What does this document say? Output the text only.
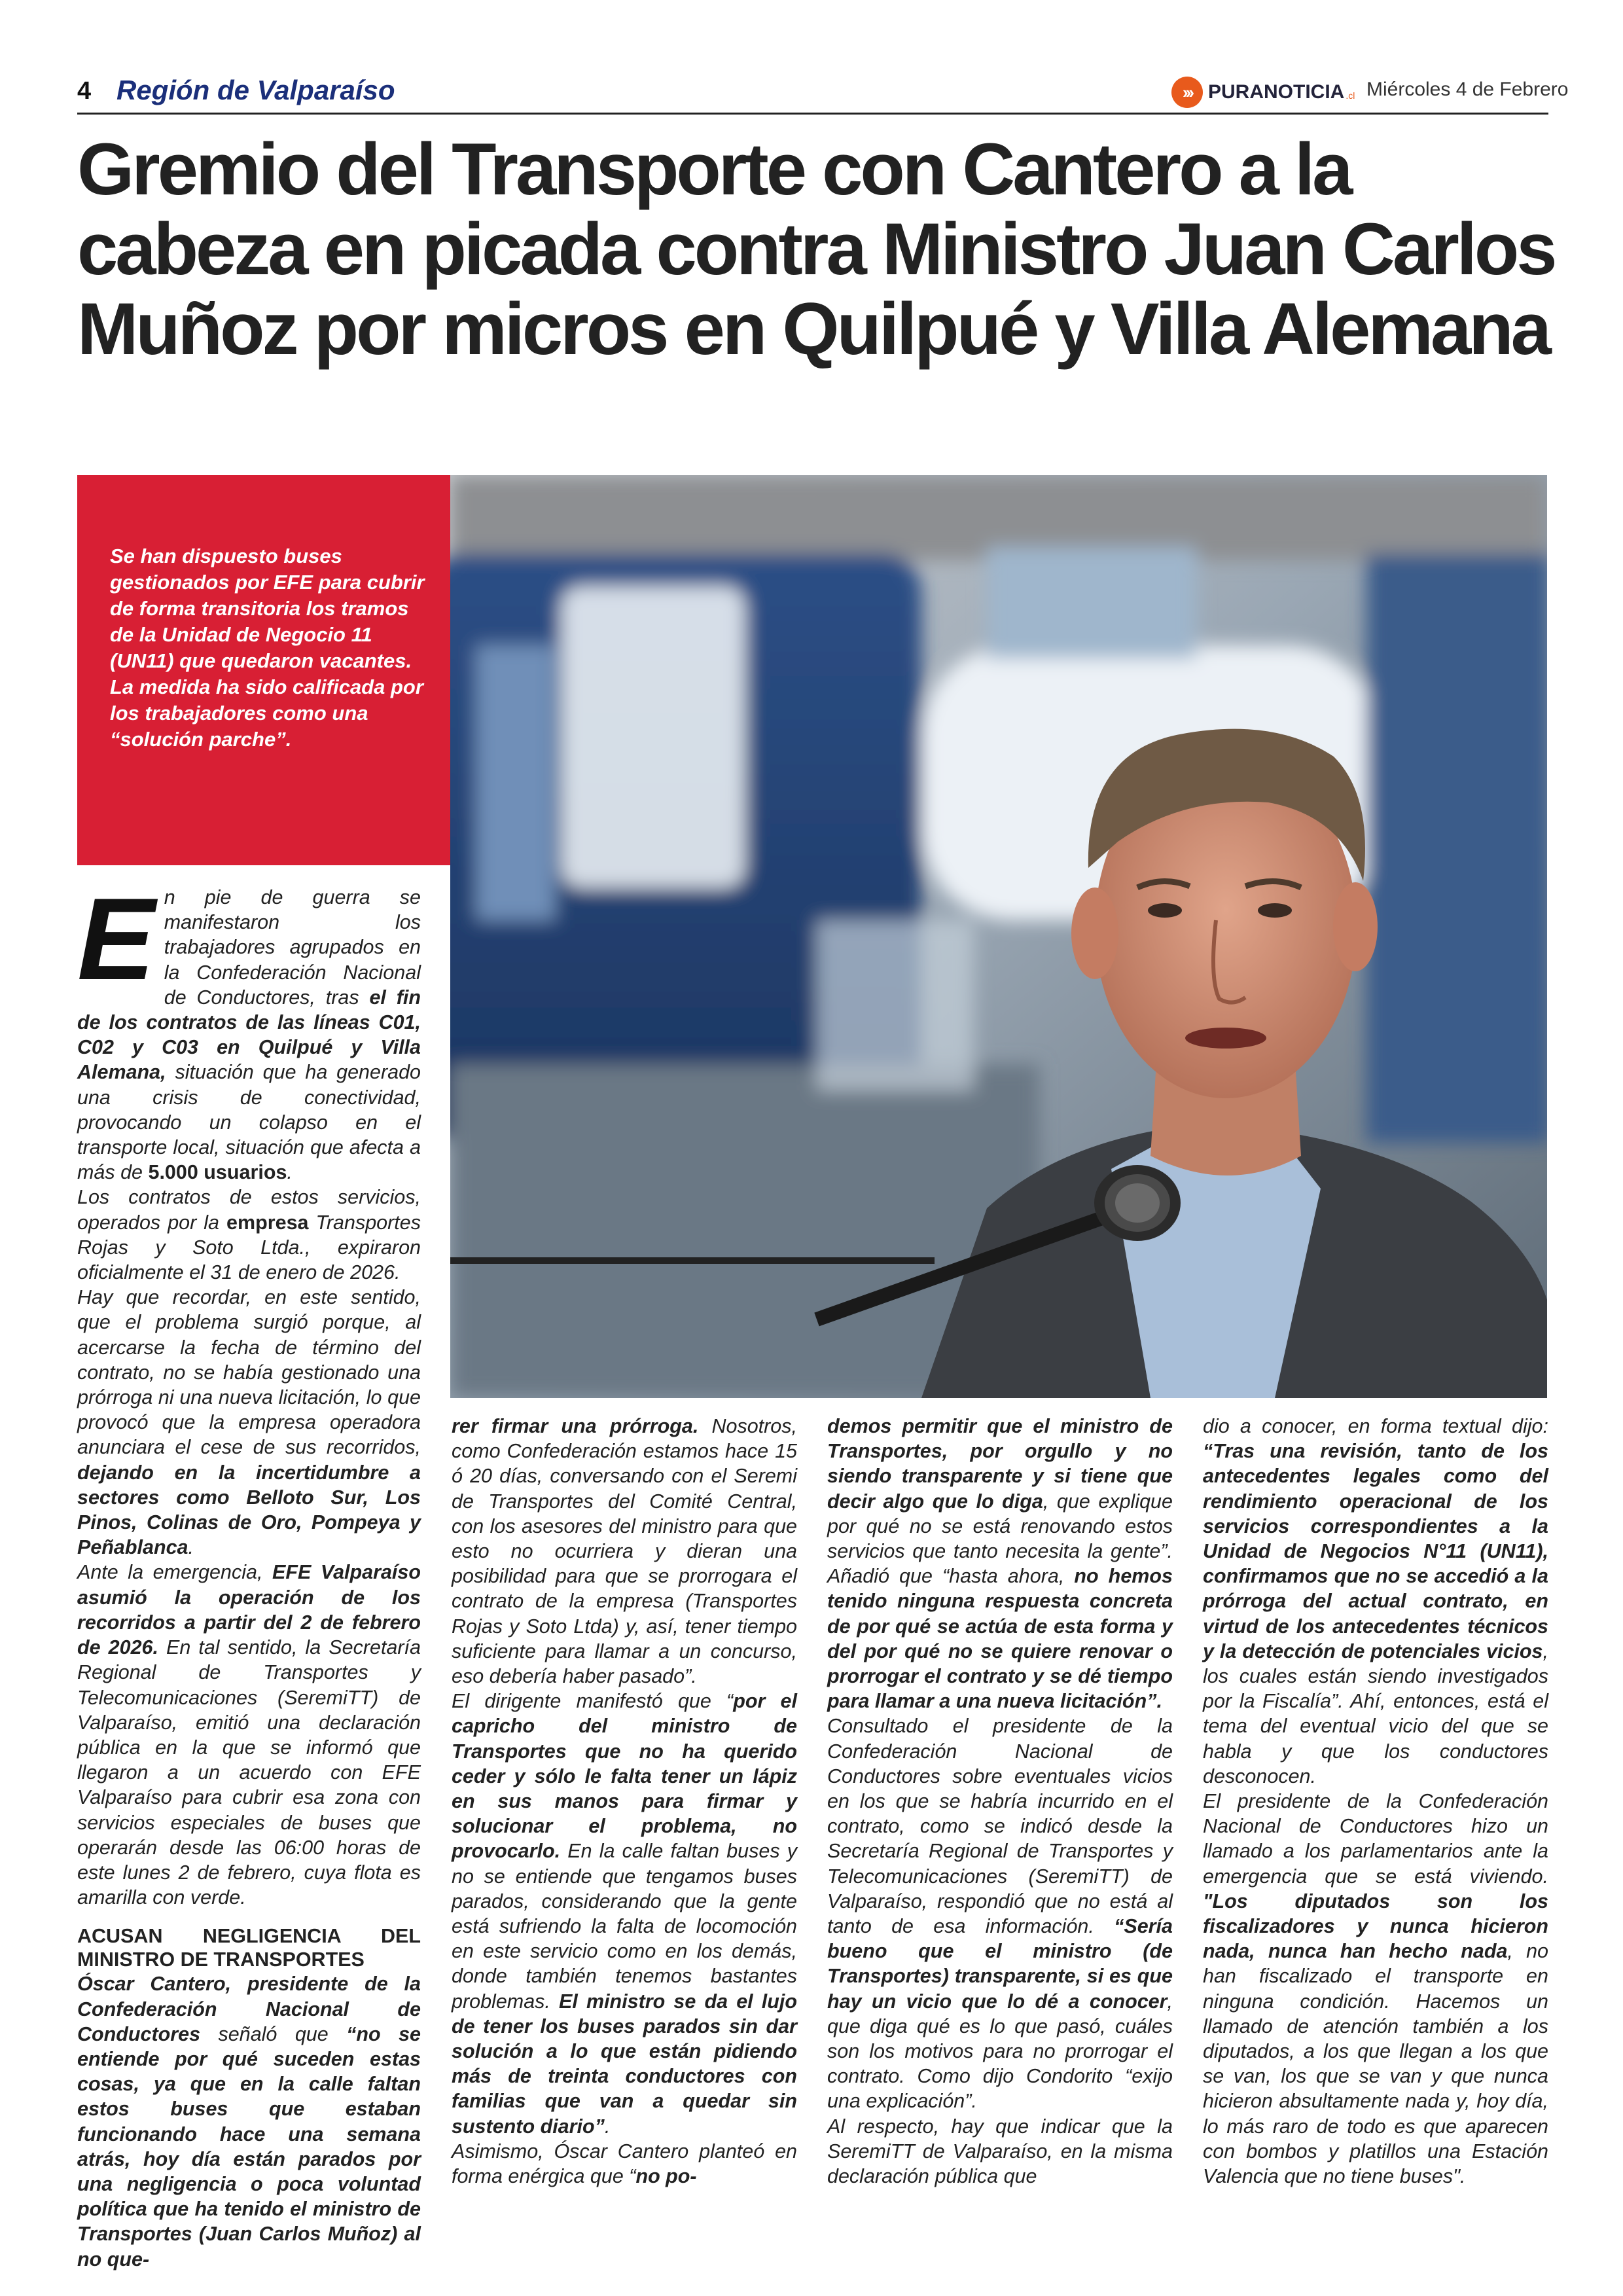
4 Región de Valparaíso	››› PURANOTICIA .cl Miércoles 4 de Febrero
Gremio del Transporte con Cantero a la cabeza en picada contra Ministro Juan Carlos Muñoz por micros en Quilpué y Villa Alemana

Se han dispuesto buses gestionados por EFE para cubrir de forma transitoria los tramos de la Unidad de Negocio 11 (UN11) que quedaron vacantes. La medida ha sido calificada por los trabajadores como una “solución parche”.

En pie de guerra se manifestaron los trabajadores agrupados en la Confederación Nacional de Conductores, tras el fin de los contratos de las líneas C01, C02 y C03 en Quilpué y Villa Alemana, situación que ha generado una crisis de conectividad, provocando un colapso en el transporte local, situación que afecta a más de 5.000 usuarios.

Los contratos de estos servicios, operados por la empresa Transportes Rojas y Soto Ltda., expiraron oficialmente el 31 de enero de 2026.

Hay que recordar, en este sentido, que el problema surgió porque, al acercarse la fecha de término del contrato, no se había gestionado una prórroga ni una nueva licitación, lo que provocó que la empresa operadora anunciara el cese de sus recorridos, dejando en la incertidumbre a sectores como Belloto Sur, Los Pinos, Colinas de Oro, Pompeya y Peñablanca.

Ante la emergencia, EFE Valparaíso asumió la operación de los recorridos a partir del 2 de febrero de 2026. En tal sentido, la Secretaría Regional de Transportes y Telecomunicaciones (SeremiTT) de Valparaíso, emitió una declaración pública en la que se informó que llegaron a un acuerdo con EFE Valparaíso para cubrir esa zona con servicios especiales de buses que operarán desde las 06:00 horas de este lunes 2 de febrero, cuya flota es amarilla con verde.

ACUSAN NEGLIGENCIA DEL MINISTRO DE TRANSPORTES

Óscar Cantero, presidente de la Confederación Nacional de Conductores señaló que “no se entiende por qué suceden estas cosas, ya que en la calle faltan estos buses que estaban funcionando hace una semana atrás, hoy día están parados por una negligencia o poca voluntad política que ha tenido el ministro de Transportes (Juan Carlos Muñoz) al no que-

rer firmar una prórroga. Nosotros, como Confederación estamos hace 15 ó 20 días, conversando con el Seremi de Transportes del Comité Central, con los asesores del ministro para que esto no ocurriera y dieran una posibilidad para que se prorrogara el contrato de la empresa (Transportes Rojas y Soto Ltda) y, así, tener tiempo suficiente para llamar a un concurso, eso debería haber pasado”.

El dirigente manifestó que “por el capricho del ministro de Transportes que no ha querido ceder y sólo le falta tener un lápiz en sus manos para firmar y solucionar el problema, no provocarlo. En la calle faltan buses y no se entiende que tengamos buses parados, considerando que la gente está sufriendo la falta de locomoción en este servicio como en los demás, donde también tenemos bastantes problemas. El ministro se da el lujo de tener los buses parados sin dar solución a lo que están pidiendo más de treinta conductores con familias que van a quedar sin sustento diario”.

Asimismo, Óscar Cantero planteó en forma enérgica que “no po-

demos permitir que el ministro de Transportes, por orgullo y no siendo transparente y si tiene que decir algo que lo diga, que explique por qué no se está renovando estos servicios que tanto necesita la gente”. Añadió que “hasta ahora, no hemos tenido ninguna respuesta concreta de por qué se actúa de esta forma y del por qué no se quiere renovar o prorrogar el contrato y se dé tiempo para llamar a una nueva licitación”.

Consultado el presidente de la Confederación Nacional de Conductores sobre eventuales vicios en los que se habría incurrido en el contrato, como se indicó desde la Secretaría Regional de Transportes y Telecomunicaciones (SeremiTT) de Valparaíso, respondió que no está al tanto de esa información. “Sería bueno que el ministro (de Transportes) transparente, si es que hay un vicio que lo dé a conocer, que diga qué es lo que pasó, cuáles son los motivos para no prorrogar el contrato. Como dijo Condorito “exijo una explicación”.

Al respecto, hay que indicar que la SeremiTT de Valparaíso, en la misma declaración pública que

dio a conocer, en forma textual dijo: “Tras una revisión, tanto de los antecedentes legales como del rendimiento operacional de los servicios correspondientes a la Unidad de Negocios N°11 (UN11), confirmamos que no se accedió a la prórroga del actual contrato, en virtud de los antecedentes técnicos y la detección de potenciales vicios, los cuales están siendo investigados por la Fiscalía”. Ahí, entonces, está el tema del eventual vicio del que se habla y que los conductores desconocen.

El presidente de la Confederación Nacional de Conductores hizo un llamado a los parlamentarios ante la emergencia que se está viviendo. "Los diputados son los fiscalizadores y nunca hicieron nada, nunca han hecho nada, no han fiscalizado el transporte en ninguna condición. Hacemos un llamado de atención también a los diputados, a los que llegan a los que se van, los que se van y que nunca hicieron absultamente nada y, hoy día, lo más raro de todo es que aparecen con bombos y platillos una Estación Valencia que no tiene buses".
